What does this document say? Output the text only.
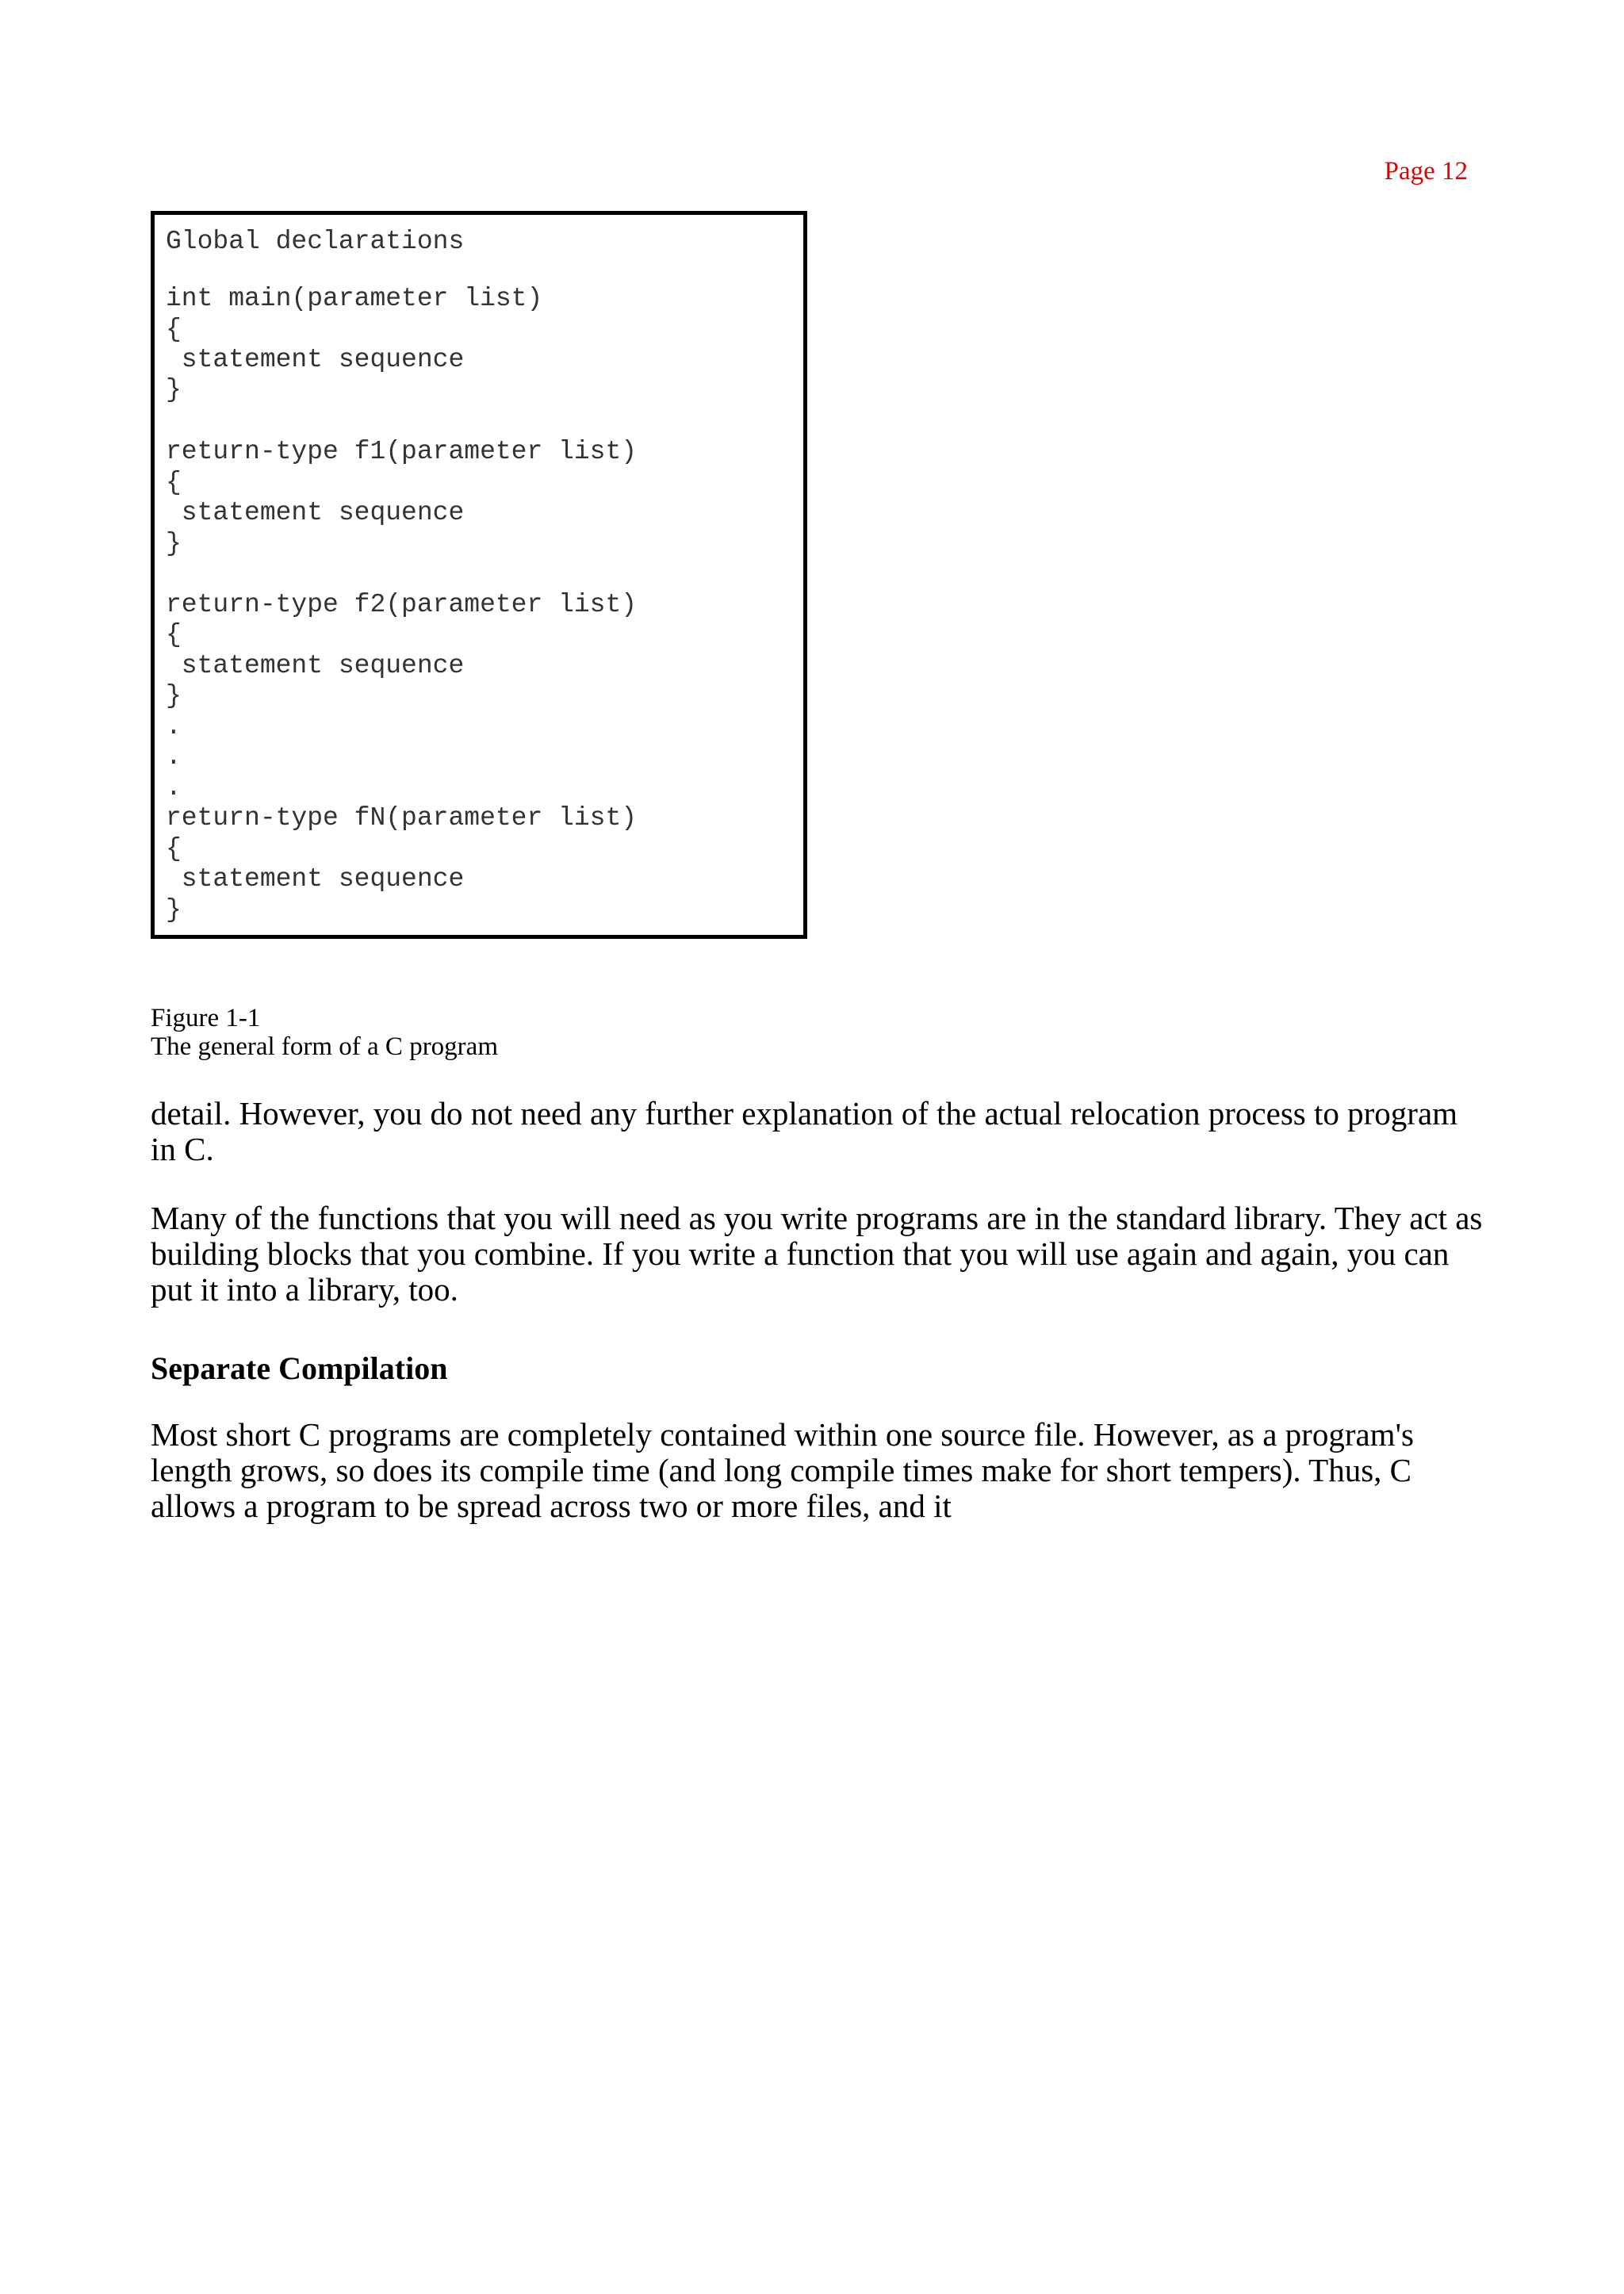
Page 12
Global declarations
int main(parameter list)
{
statement sequence
}
return-type f1(parameter list)
{
statement sequence
}
return-type f2(parameter list)
{
statement sequence
}
.
.
.
return-type fN(parameter list)
{
statement sequence
}
Figure 1-1
The general form of a C program

detail. However, you do not need any further explanation of the actual relocation process to program in C.

Many of the functions that you will need as you write programs are in the standard library. They act as building blocks that you combine. If you write a function that you will use again and again, you can put it into a library, too.

Separate Compilation

Most short C programs are completely contained within one source file. However, as a program's length grows, so does its compile time (and long compile times make for short tempers). Thus, C allows a program to be spread across two or more files, and it
